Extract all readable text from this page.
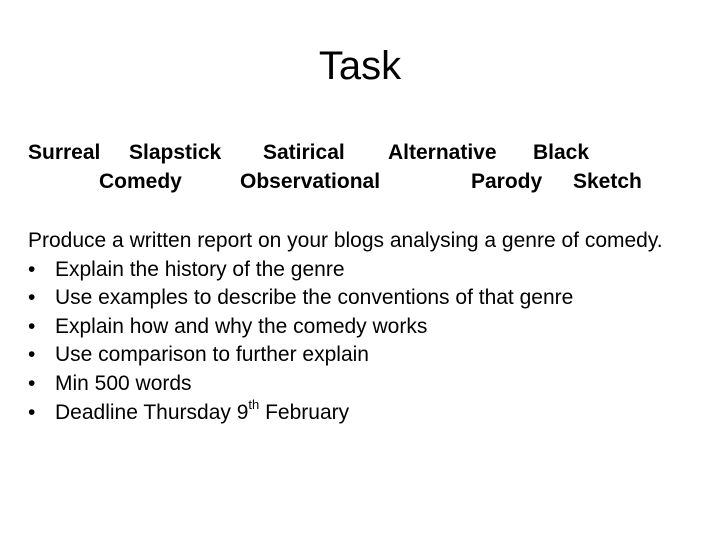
Task
Surreal Slapstick Satirical Alternative Black
Comedy	Observational	Parody Sketch

Produce a written report on your blogs analysing a genre of comedy.

• Explain the history of the genre
• Use examples to describe the conventions of that genre
• Explain how and why the comedy works
• Use comparison to further explain
• Min 500 words
• Deadline Thursday 9th February
